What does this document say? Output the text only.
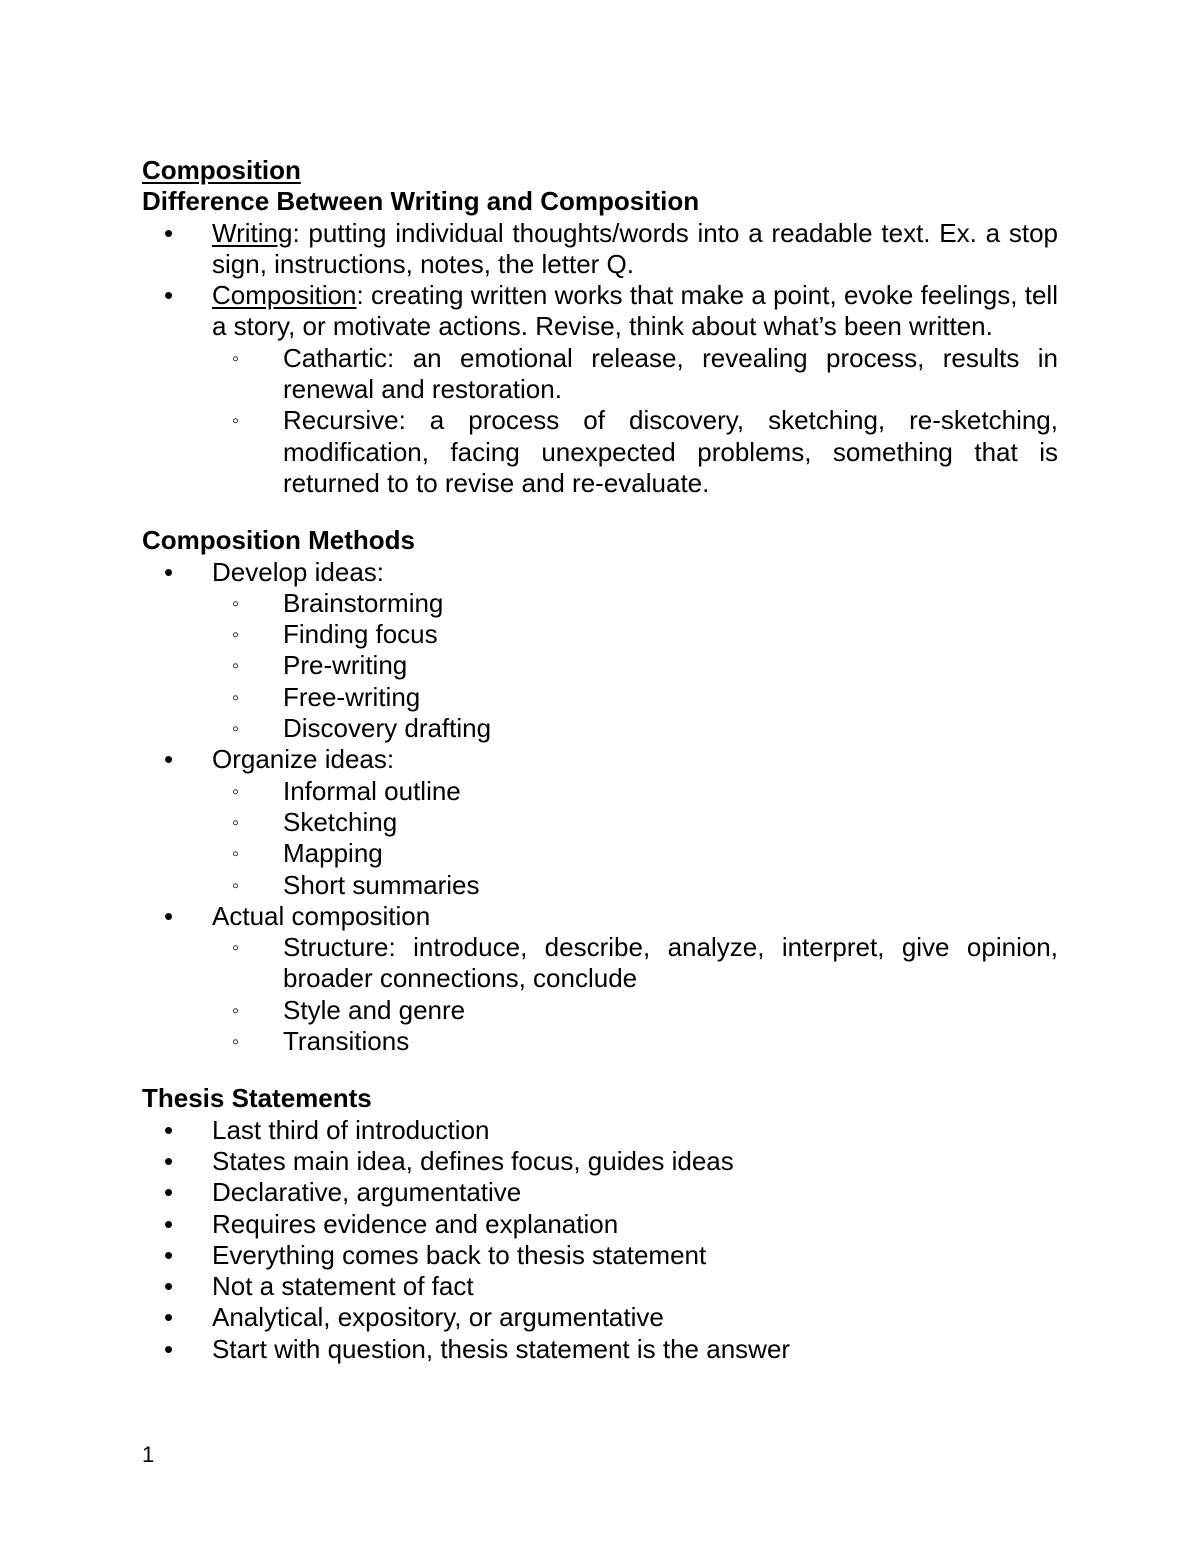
Composition
Difference Between Writing and Composition
• Writing: putting individual thoughts/words into a readable text. Ex. a stop sign, instructions, notes, the letter Q.
• Composition: creating written works that make a point, evoke feelings, tell a story, or motivate actions. Revise, think about what’s been written.
◦ Cathartic: an emotional release, revealing process, results in renewal and restoration.
◦ Recursive: a process of discovery, sketching, re-sketching, modification, facing unexpected problems, something that is returned to to revise and re-evaluate.
Composition Methods
• Develop ideas:
◦ Brainstorming
◦ Finding focus
◦ Pre-writing
◦ Free-writing
◦ Discovery drafting
• Organize ideas:
◦ Informal outline
◦ Sketching
◦ Mapping
◦ Short summaries
• Actual composition
◦ Structure: introduce, describe, analyze, interpret, give opinion, broader connections, conclude
◦ Style and genre
◦ Transitions
Thesis Statements
• Last third of introduction
• States main idea, defines focus, guides ideas
• Declarative, argumentative
• Requires evidence and explanation
• Everything comes back to thesis statement
• Not a statement of fact
• Analytical, expository, or argumentative
• Start with question, thesis statement is the answer
1
